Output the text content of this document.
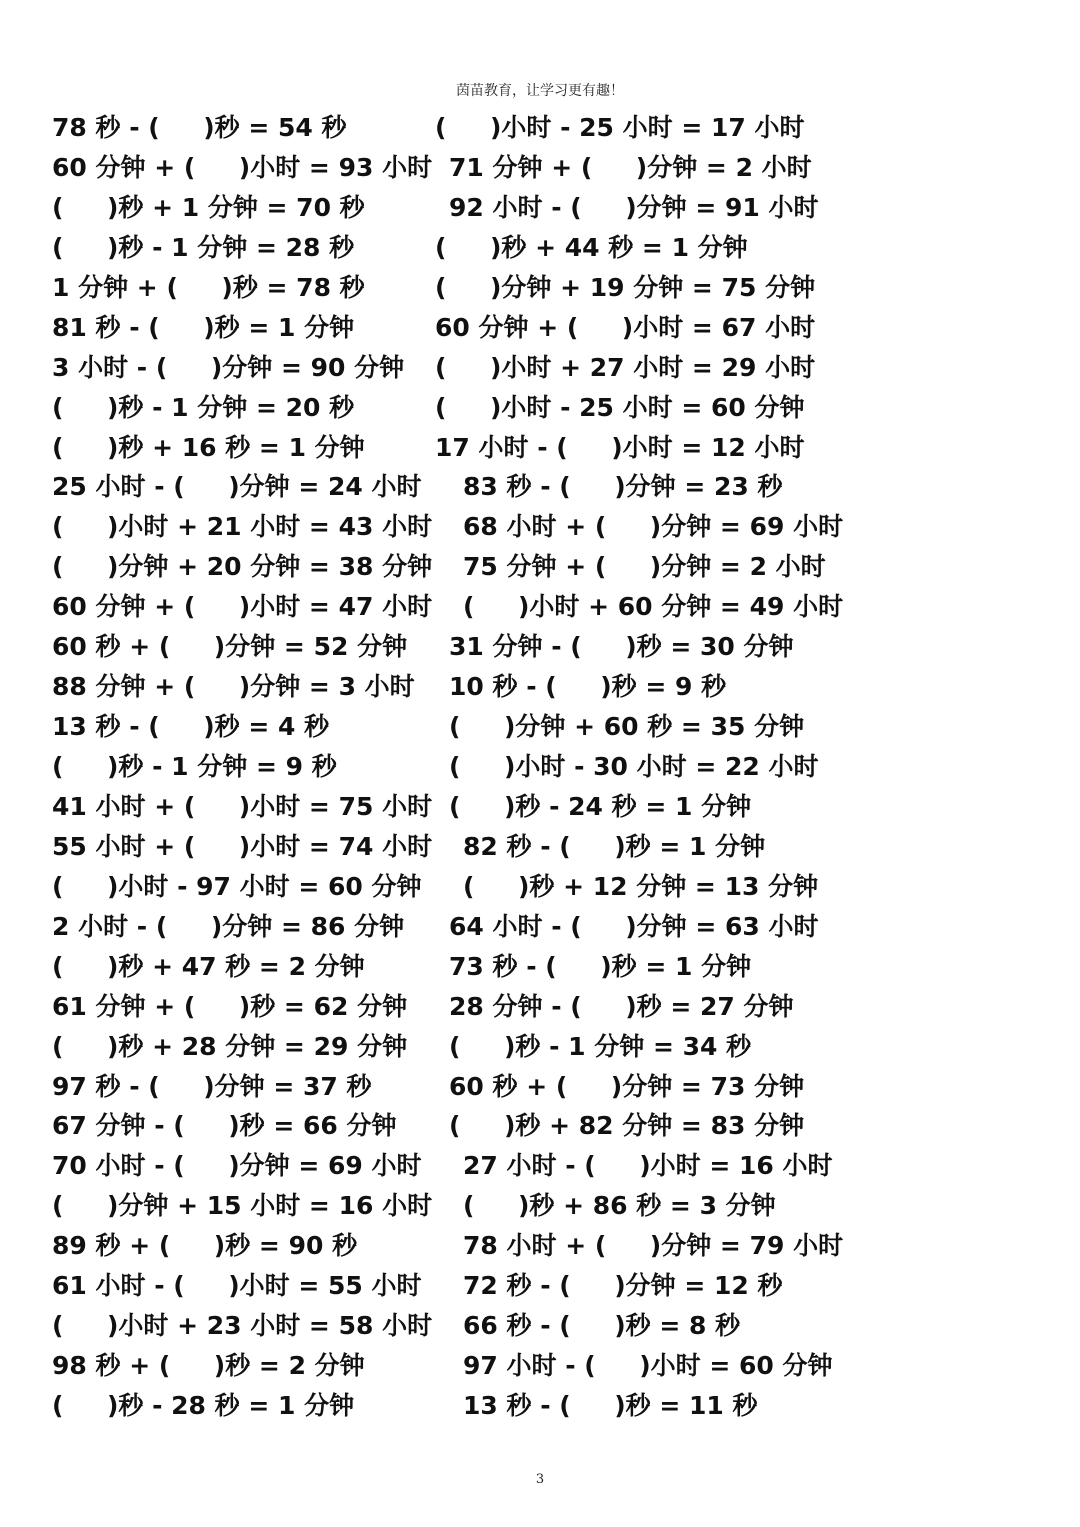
茵苗教育，让学习更有趣！
78 秒 - (     )秒 = 54 秒	(     )小时 - 25 小时 = 17 小时
60 分钟 + (     )小时 = 93 小时 71 分钟 + (     )分钟 = 2 小时
(     )秒 + 1 分钟 = 70 秒	92 小时 - (     )分钟 = 91 小时
(     )秒 - 1 分钟 = 28 秒	(     )秒 + 44 秒 = 1 分钟
1 分钟 + (     )秒 = 78 秒	(     )分钟 + 19 分钟 = 75 分钟
81 秒 - (     )秒 = 1 分钟	60 分钟 + (     )小时 = 67 小时
3 小时 - (     )分钟 = 90 分钟 (     )小时 + 27 小时 = 29 小时
(     )秒 - 1 分钟 = 20 秒	(     )小时 - 25 小时 = 60 分钟
(     )秒 + 16 秒 = 1 分钟	17 小时 - (     )小时 = 12 小时
25 小时 - (     )分钟 = 24 小时 83 秒 - (     )分钟 = 23 秒
(     )小时 + 21 小时 = 43 小时 68 小时 + (     )分钟 = 69 小时
(     )分钟 + 20 分钟 = 38 分钟 75 分钟 + (     )分钟 = 2 小时
60 分钟 + (     )小时 = 47 小时 (     )小时 + 60 分钟 = 49 小时
60 秒 + (     )分钟 = 52 分钟 31 分钟 - (     )秒 = 30 分钟
88 分钟 + (     )分钟 = 3 小时 10 秒 - (     )秒 = 9 秒
13 秒 - (     )秒 = 4 秒	(     )分钟 + 60 秒 = 35 分钟
(     )秒 - 1 分钟 = 9 秒	(     )小时 - 30 小时 = 22 小时
41 小时 + (     )小时 = 75 小时 (     )秒 - 24 秒 = 1 分钟
55 小时 + (     )小时 = 74 小时 82 秒 - (     )秒 = 1 分钟
(     )小时 - 97 小时 = 60 分钟 (     )秒 + 12 分钟 = 13 分钟
2 小时 - (     )分钟 = 86 分钟 64 小时 - (     )分钟 = 63 小时
(     )秒 + 47 秒 = 2 分钟	73 秒 - (     )秒 = 1 分钟
61 分钟 + (     )秒 = 62 分钟 28 分钟 - (     )秒 = 27 分钟
(     )秒 + 28 分钟 = 29 分钟 (     )秒 - 1 分钟 = 34 秒
97 秒 - (     )分钟 = 37 秒	60 秒 + (     )分钟 = 73 分钟
67 分钟 - (     )秒 = 66 分钟 (     )秒 + 82 分钟 = 83 分钟
70 小时 - (     )分钟 = 69 小时 27 小时 - (     )小时 = 16 小时
(     )分钟 + 15 小时 = 16 小时 (     )秒 + 86 秒 = 3 分钟
89 秒 + (     )秒 = 90 秒	78 小时 + (     )分钟 = 79 小时
61 小时 - (     )小时 = 55 小时 72 秒 - (     )分钟 = 12 秒
(     )小时 + 23 小时 = 58 小时 66 秒 - (     )秒 = 8 秒
98 秒 + (     )秒 = 2 分钟	97 小时 - (     )小时 = 60 分钟
(     )秒 - 28 秒 = 1 分钟	13 秒 - (     )秒 = 11 秒
3
